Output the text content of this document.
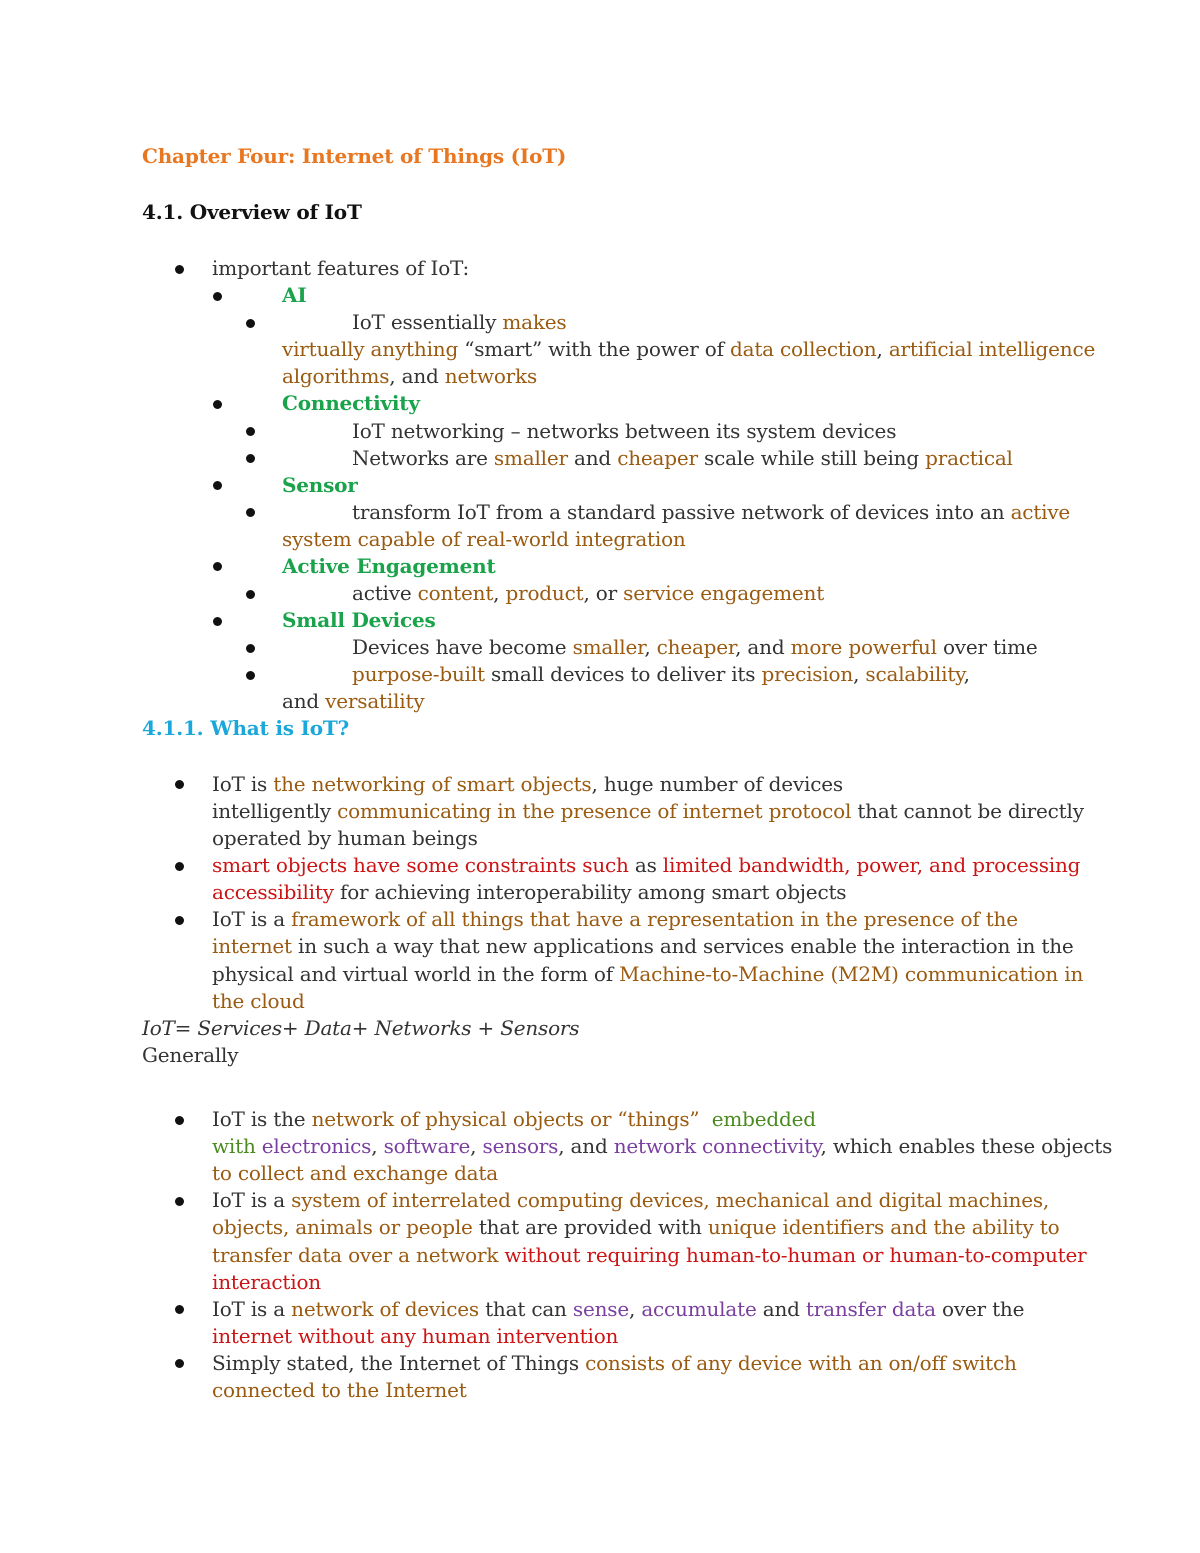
Chapter Four: Internet of Things (IoT)
4.1. Overview of IoT
important features of IoT:
AI
IoT essentially makes
virtually anything “smart” with the power of data collection, artificial intelligence
algorithms, and networks
Connectivity
IoT networking – networks between its system devices
Networks are smaller and cheaper scale while still being practical
Sensor
transform IoT from a standard passive network of devices into an active
system capable of real-world integration
Active Engagement
active content, product, or service engagement
Small Devices
Devices have become smaller, cheaper, and more powerful over time
purpose-built small devices to deliver its precision, scalability,
and versatility
4.1.1. What is IoT?
IoT is the networking of smart objects, huge number of devices
intelligently communicating in the presence of internet protocol that cannot be directly
operated by human beings
smart objects have some constraints such as limited bandwidth, power, and processing
accessibility for achieving interoperability among smart objects
IoT is a framework of all things that have a representation in the presence of the
internet in such a way that new applications and services enable the interaction in the
physical and virtual world in the form of Machine-to-Machine (M2M) communication in
the cloud
IoT= Services+ Data+ Networks + Sensors
Generally
IoT is the network of physical objects or “things”  embedded
with electronics, software, sensors, and network connectivity, which enables these objects
to collect and exchange data
IoT is a system of interrelated computing devices, mechanical and digital machines,
objects, animals or people that are provided with unique identifiers and the ability to
transfer data over a network without requiring human-to-human or human-to-computer
interaction
IoT is a network of devices that can sense, accumulate and transfer data over the
internet without any human intervention
Simply stated, the Internet of Things consists of any device with an on/off switch
connected to the Internet
